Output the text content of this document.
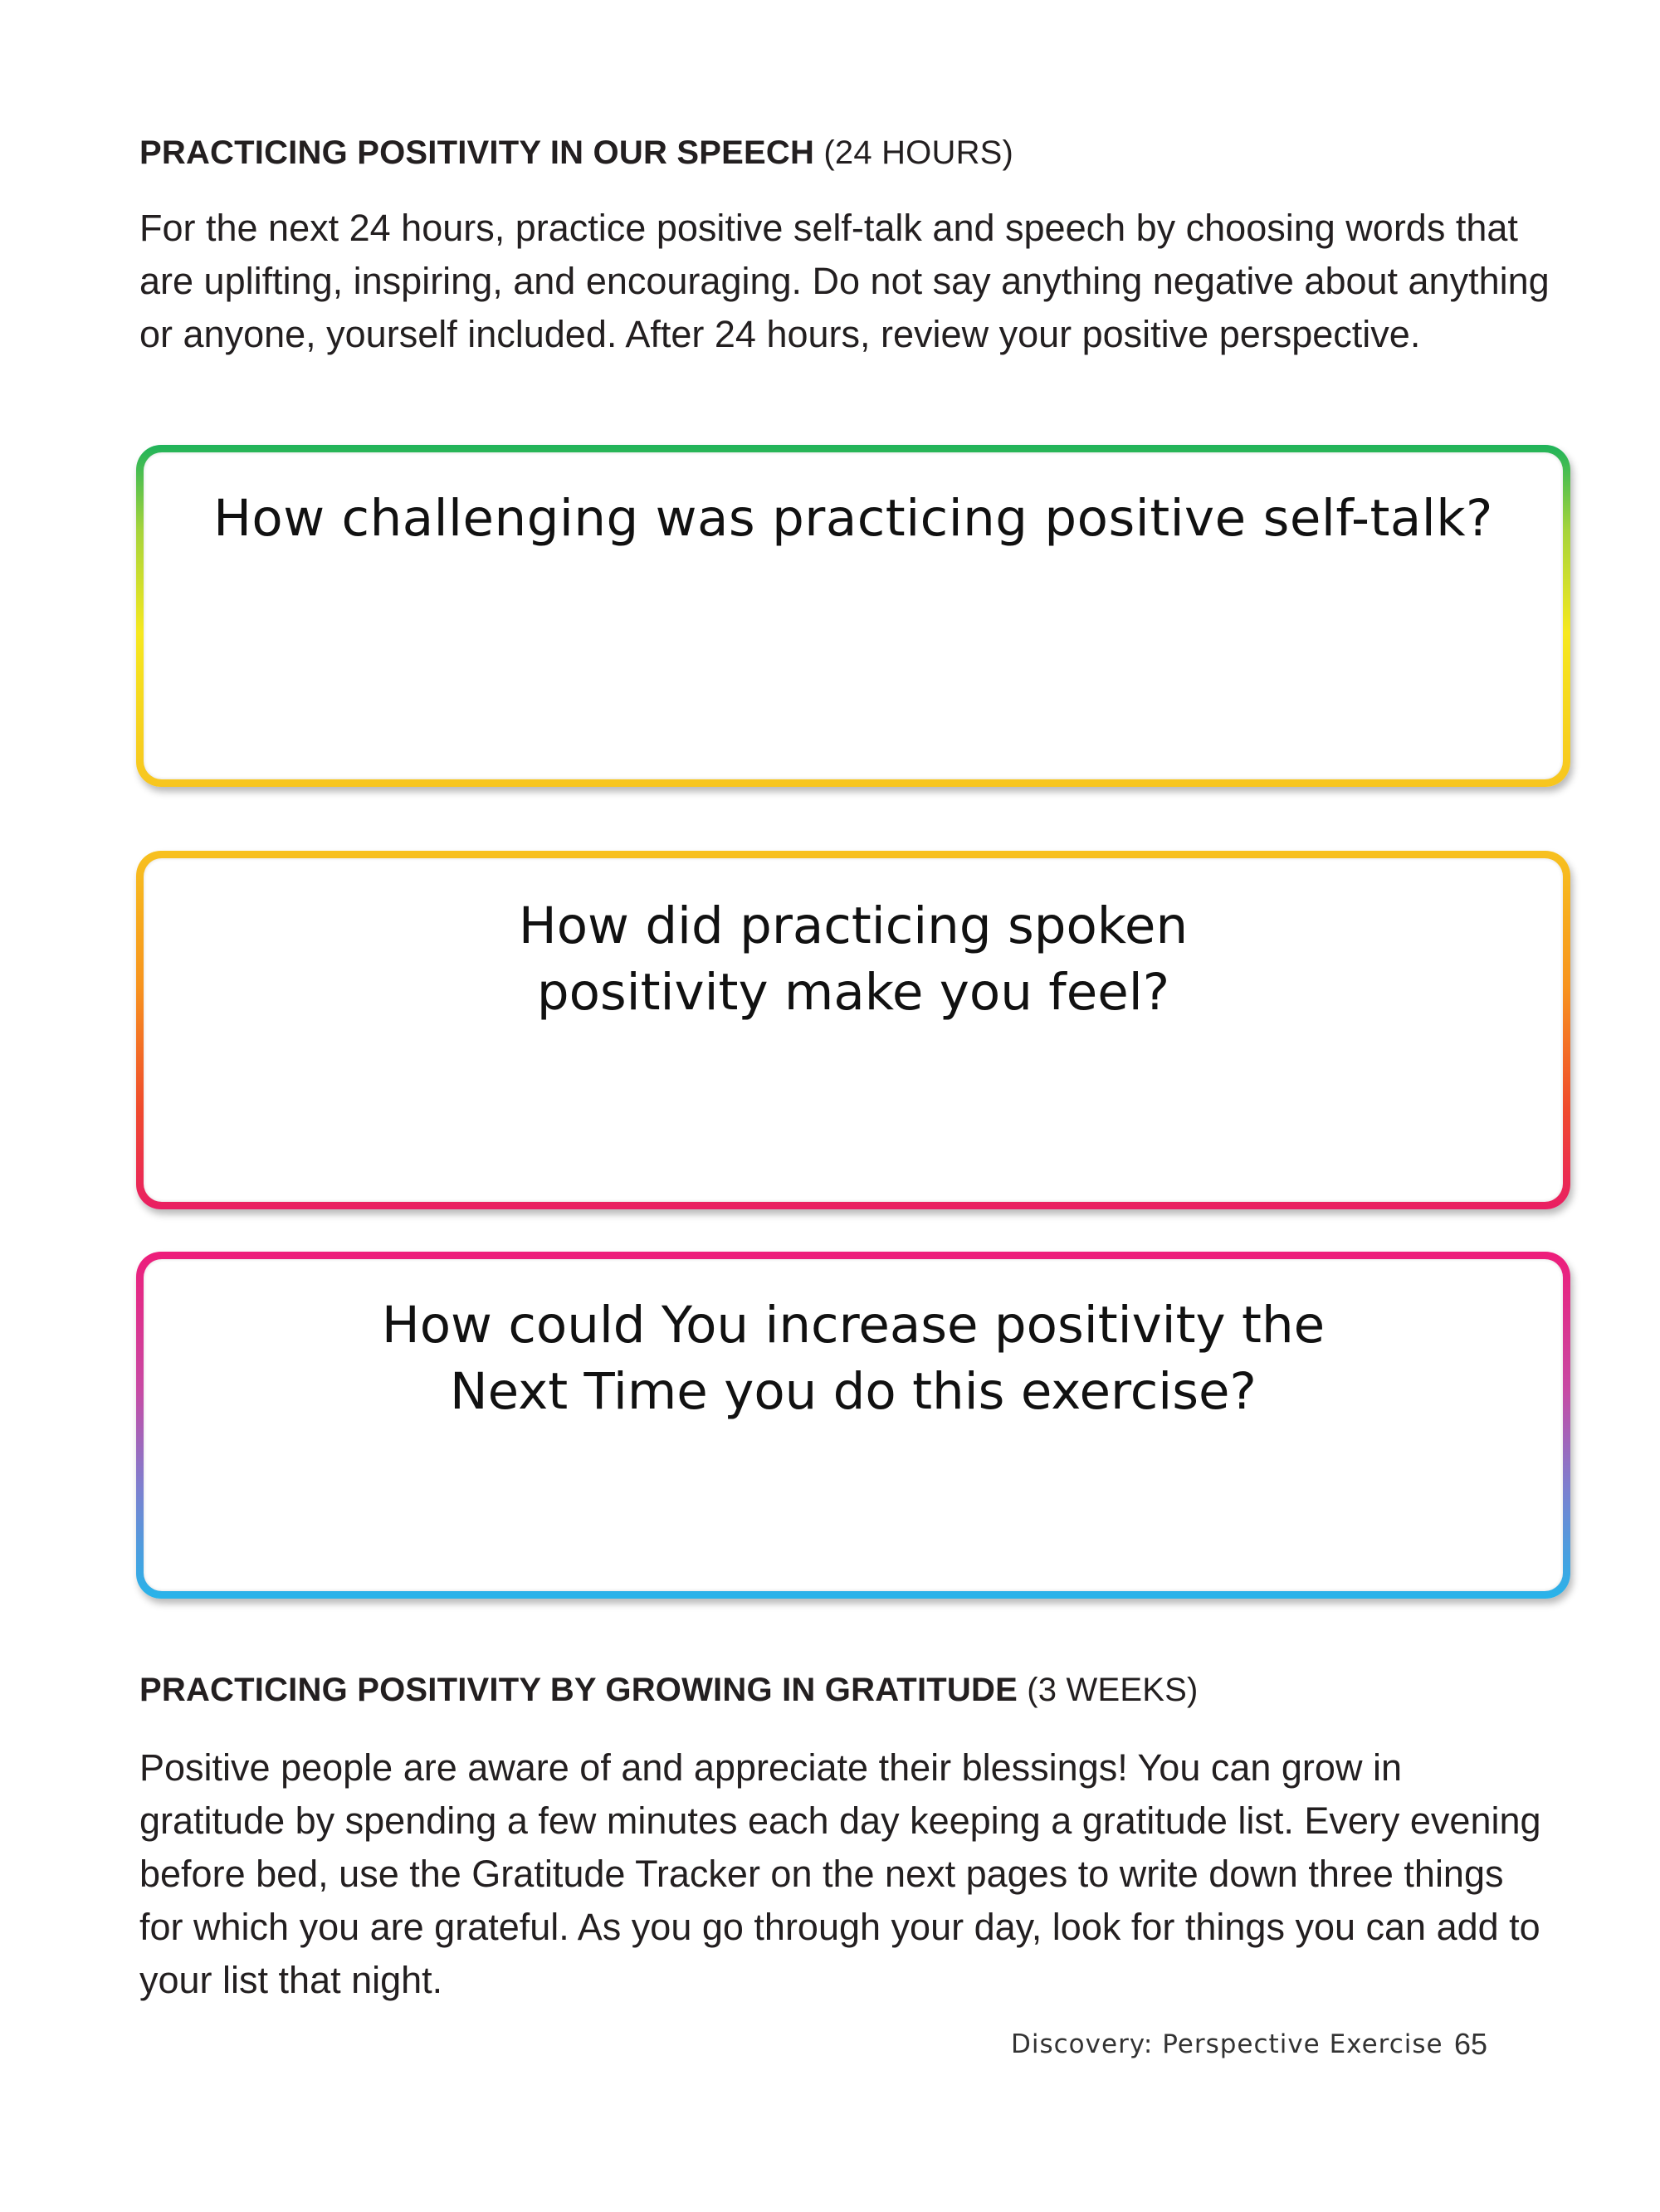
PRACTICING POSITIVITY IN OUR SPEECH (24 HOURS)

For the next 24 hours, practice positive self-talk and speech by choosing words that are uplifting, inspiring, and encouraging. Do not say anything negative about anything or anyone, yourself included. After 24 hours, review your positive perspective.

How challenging was practicing positive self-talk?

How did practicing spoken
positivity make you feel?

How could You increase positivity the
Next Time you do this exercise?

PRACTICING POSITIVITY BY GROWING IN GRATITUDE (3 WEEKS)

Positive people are aware of and appreciate their blessings! You can grow in gratitude by spending a few minutes each day keeping a gratitude list. Every evening before bed, use the Gratitude Tracker on the next pages to write down three things for which you are grateful. As you go through your day, look for things you can add to your list that night.

Discovery: Perspective Exercise 65
